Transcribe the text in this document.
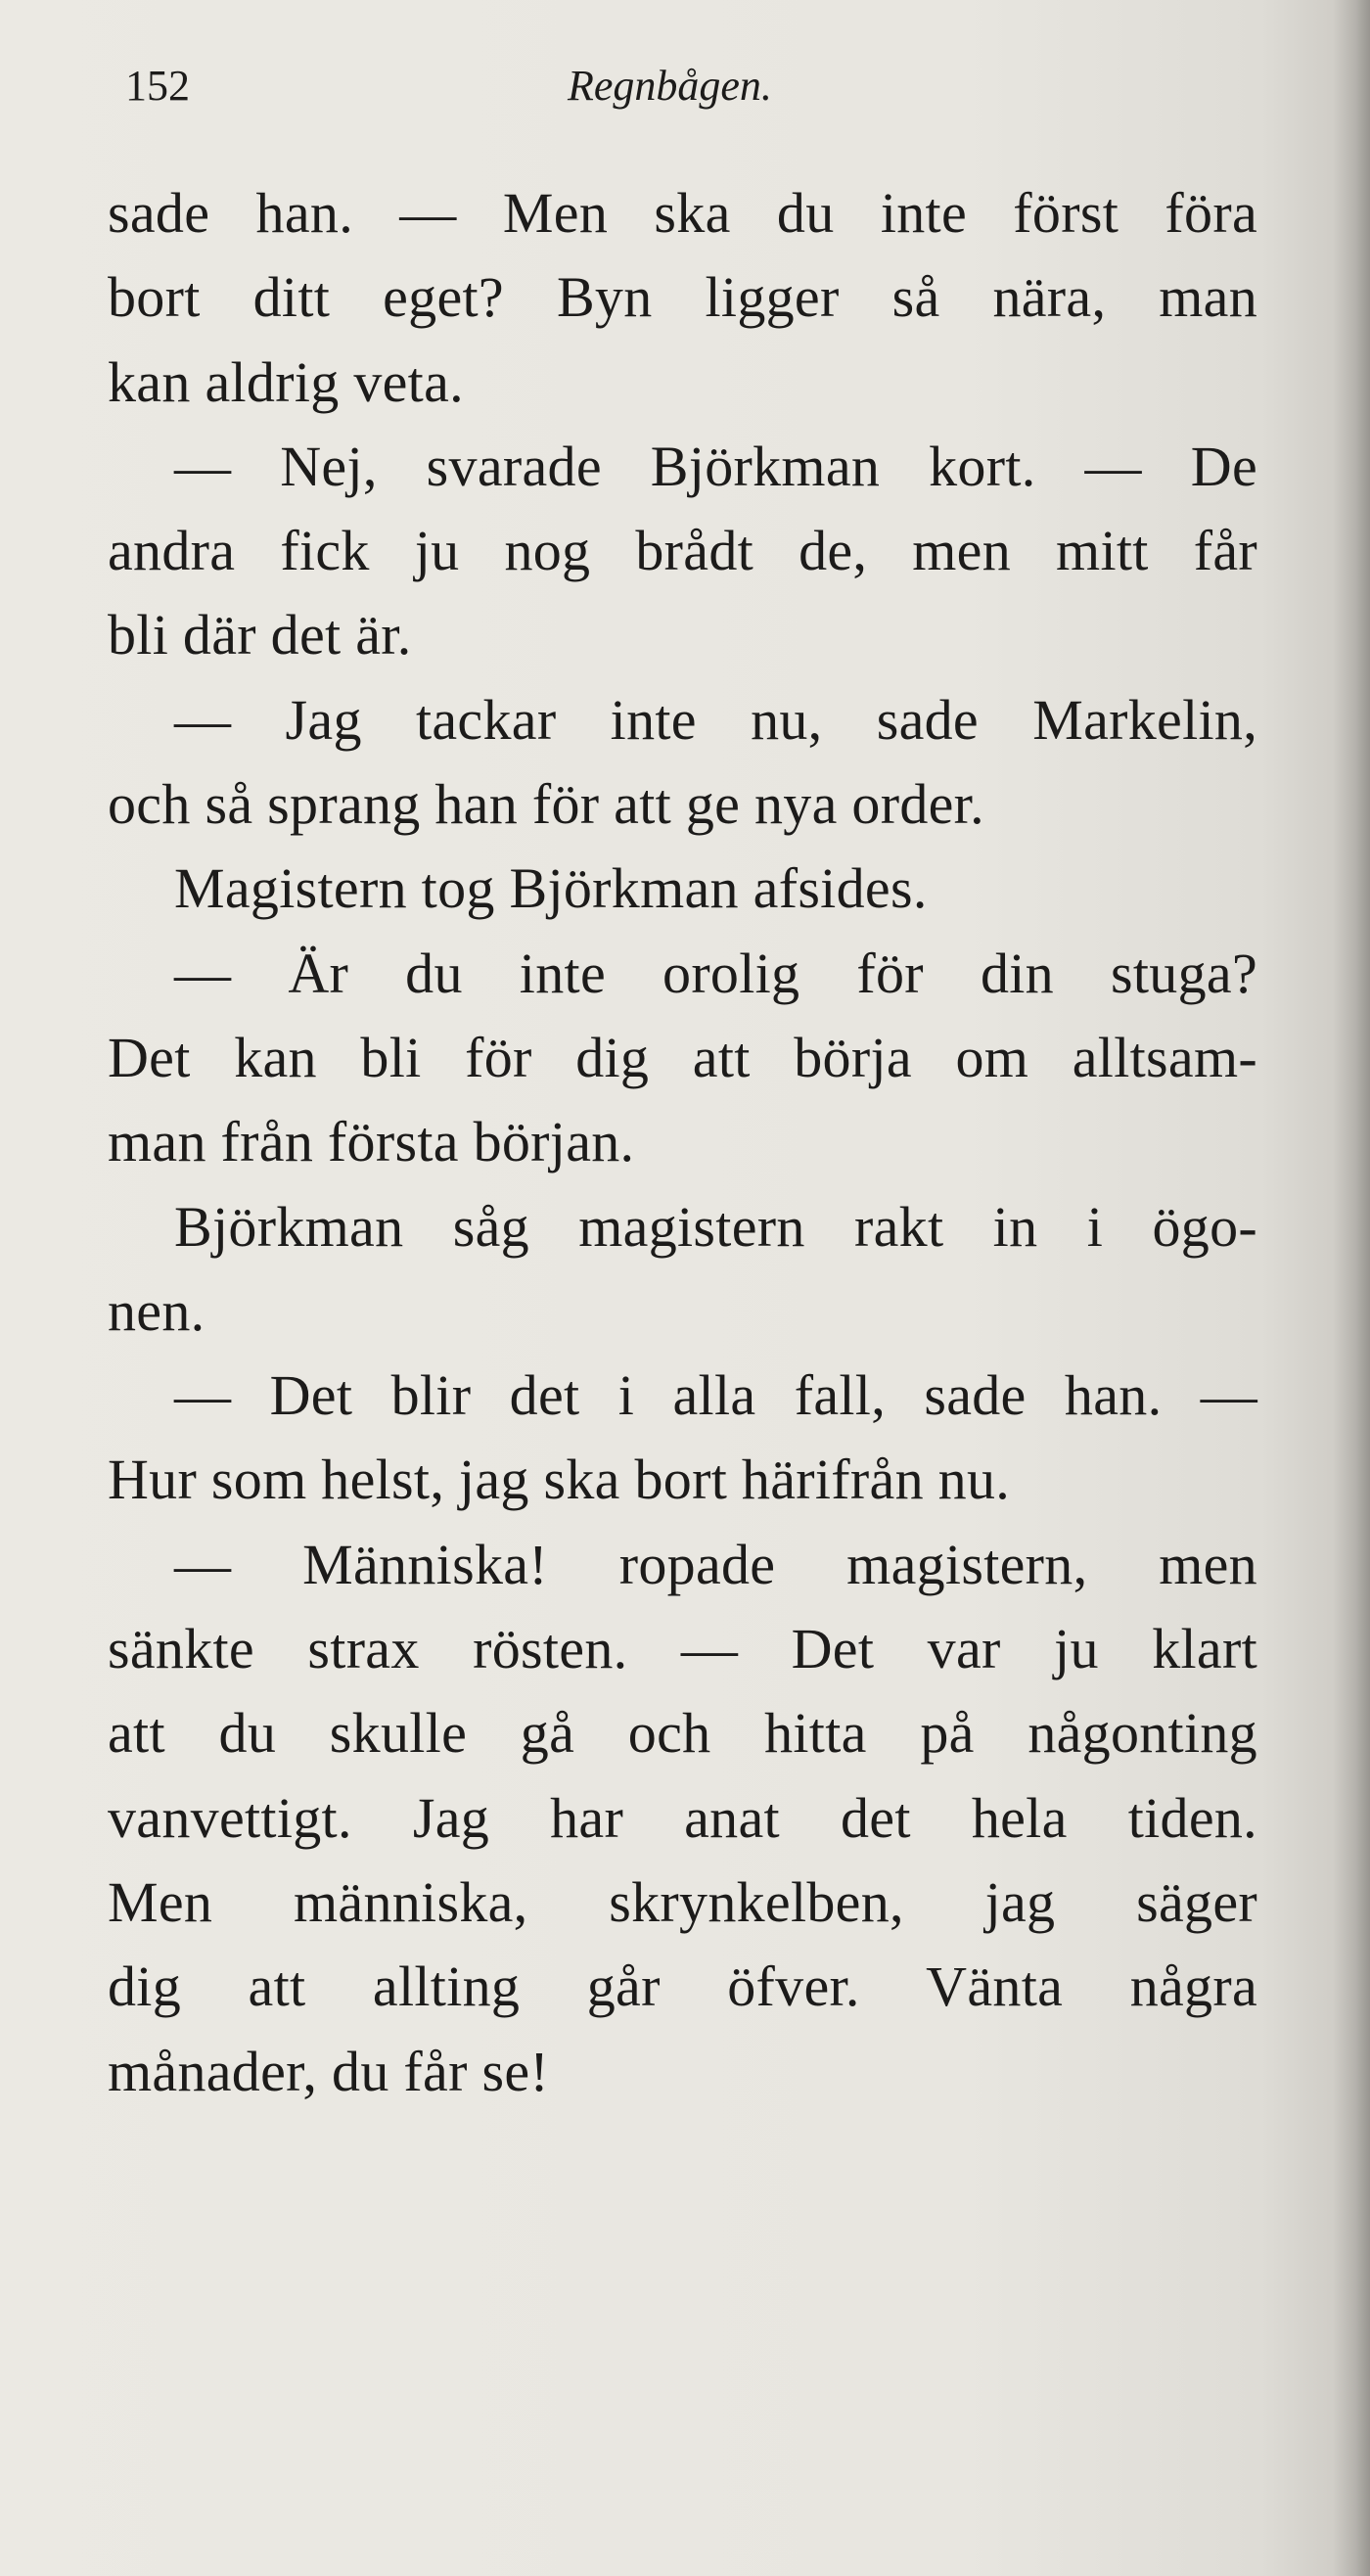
152	Regnbågen.
sade han. — Men ska du inte först föra
bort ditt eget? Byn ligger så nära, man
kan aldrig veta.
— Nej, svarade Björkman kort. — De
andra fick ju nog brådt de, men mitt får
bli där det är.
— Jag tackar inte nu, sade Markelin,
och så sprang han för att ge nya order.
Magistern tog Björkman afsides.
— Är du inte orolig för din stuga?
Det kan bli för dig att börja om alltsam-
man från första början.
Björkman såg magistern rakt in i ögo-
nen.
— Det blir det i alla fall, sade han. —
Hur som helst, jag ska bort härifrån nu.
— Människa! ropade magistern, men
sänkte strax rösten. — Det var ju klart
att du skulle gå och hitta på någonting
vanvettigt. Jag har anat det hela tiden.
Men människa, skrynkelben, jag säger
dig att allting går öfver. Vänta några
månader, du får se!
